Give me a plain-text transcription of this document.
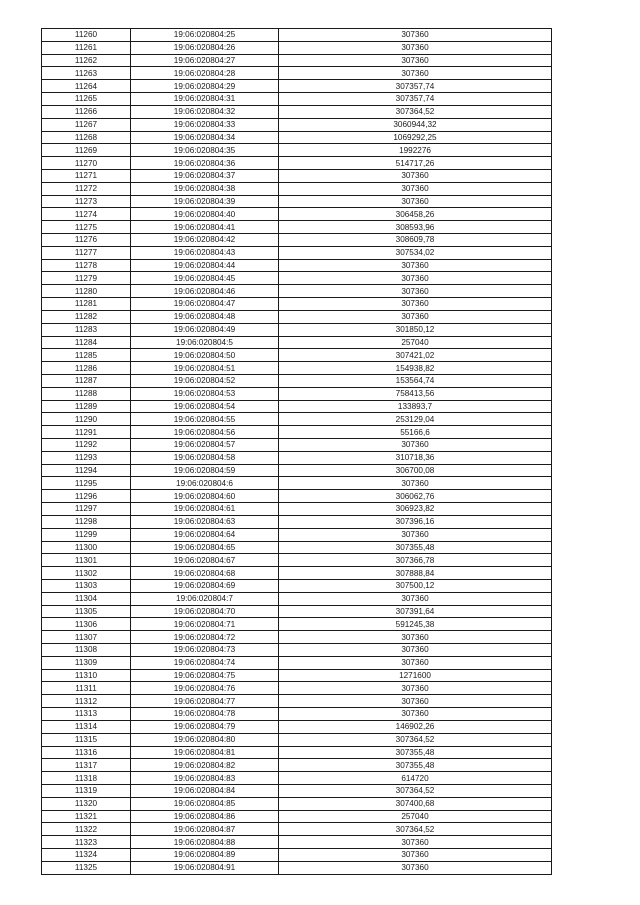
11260	19:06:020804:25	307360
11261	19:06:020804:26	307360
11262	19:06:020804:27	307360
11263	19:06:020804:28	307360
11264	19:06:020804:29	307357,74
11265	19:06:020804:31	307357,74
11266	19:06:020804:32	307364,52
11267	19:06:020804:33	3060944,32
11268	19:06:020804:34	1069292,25
11269	19:06:020804:35	1992276
11270	19:06:020804:36	514717,26
11271	19:06:020804:37	307360
11272	19:06:020804:38	307360
11273	19:06:020804:39	307360
11274	19:06:020804:40	306458,26
11275	19:06:020804:41	308593,96
11276	19:06:020804:42	308609,78
11277	19:06:020804:43	307534,02
11278	19:06:020804:44	307360
11279	19:06:020804:45	307360
11280	19:06:020804:46	307360
11281	19:06:020804:47	307360
11282	19:06:020804:48	307360
11283	19:06:020804:49	301850,12
11284	19:06:020804:5	257040
11285	19:06:020804:50	307421,02
11286	19:06:020804:51	154938,82
11287	19:06:020804:52	153564,74
11288	19:06:020804:53	758413,56
11289	19:06:020804:54	133893,7
11290	19:06:020804:55	253129,04
11291	19:06:020804:56	55166,6
11292	19:06:020804:57	307360
11293	19:06:020804:58	310718,36
11294	19:06:020804:59	306700,08
11295	19:06:020804:6	307360
11296	19:06:020804:60	306062,76
11297	19:06:020804:61	306923,82
11298	19:06:020804:63	307396,16
11299	19:06:020804:64	307360
11300	19:06:020804:65	307355,48
11301	19:06:020804:67	307366,78
11302	19:06:020804:68	307888,84
11303	19:06:020804:69	307500,12
11304	19:06:020804:7	307360
11305	19:06:020804:70	307391,64
11306	19:06:020804:71	591245,38
11307	19:06:020804:72	307360
11308	19:06:020804:73	307360
11309	19:06:020804:74	307360
11310	19:06:020804:75	1271600
11311	19:06:020804:76	307360
11312	19:06:020804:77	307360
11313	19:06:020804:78	307360
11314	19:06:020804:79	146902,26
11315	19:06:020804:80	307364,52
11316	19:06:020804:81	307355,48
11317	19:06:020804:82	307355,48
11318	19:06:020804:83	614720
11319	19:06:020804:84	307364,52
11320	19:06:020804:85	307400,68
11321	19:06:020804:86	257040
11322	19:06:020804:87	307364,52
11323	19:06:020804:88	307360
11324	19:06:020804:89	307360
11325	19:06:020804:91	307360
